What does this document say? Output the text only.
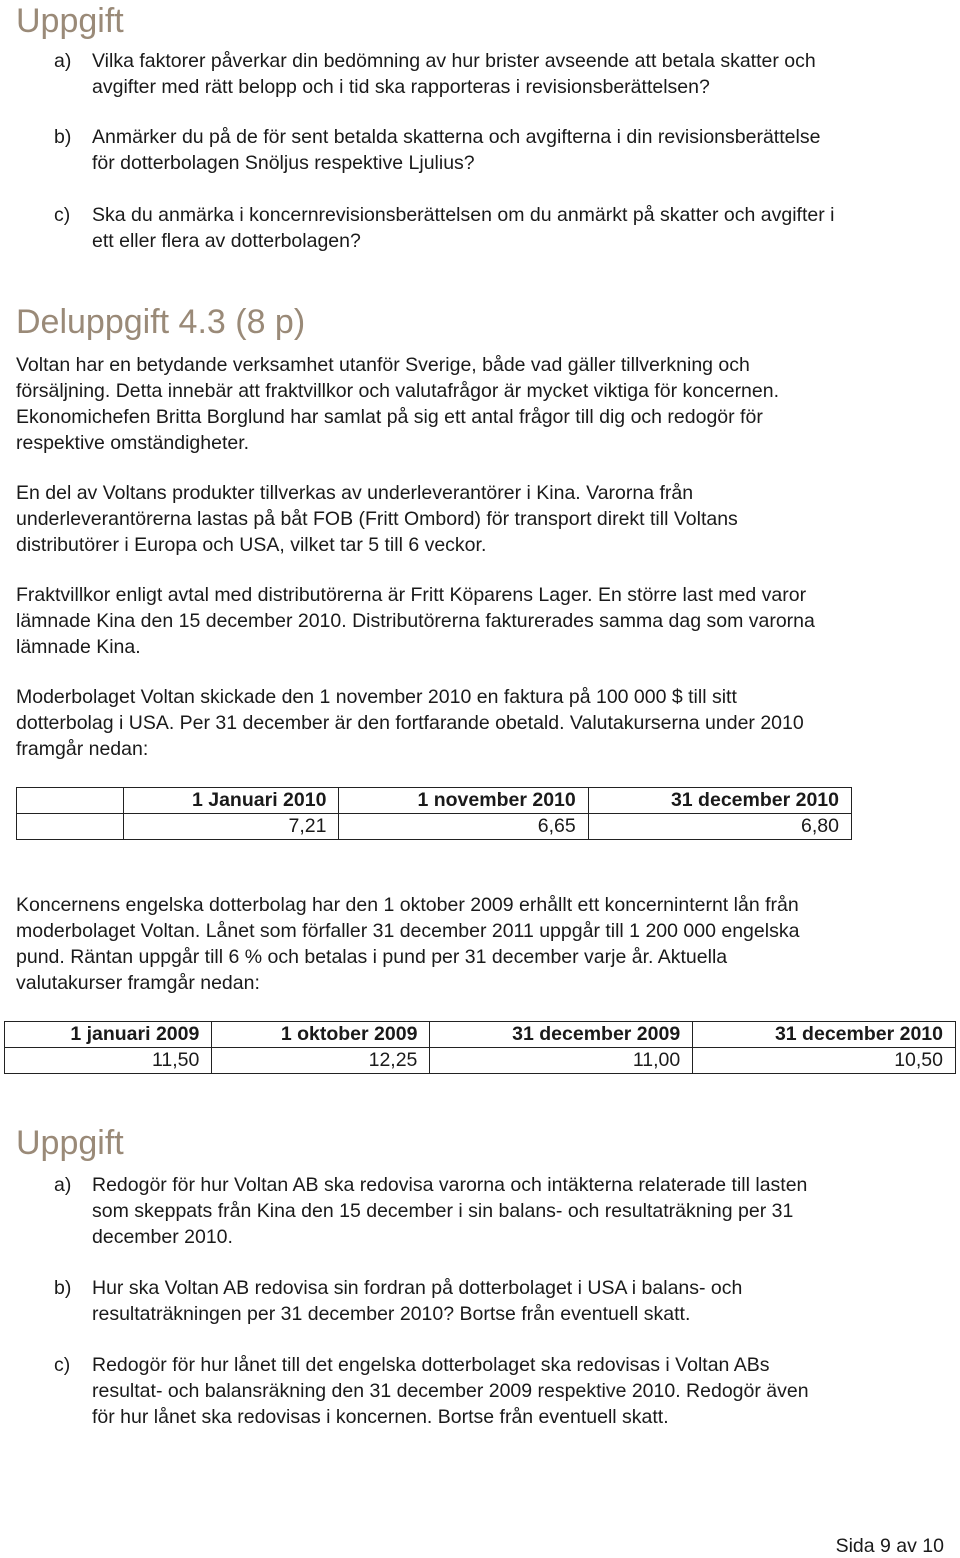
Uppgift
a) Vilka faktorer påverkar din bedömning av hur brister avseende att betala skatter och
avgifter med rätt belopp och i tid ska rapporteras i revisionsberättelsen?
b) Anmärker du på de för sent betalda skatterna och avgifterna i din revisionsberättelse
för dotterbolagen Snöljus respektive Ljulius?
c) Ska du anmärka i koncernrevisionsberättelsen om du anmärkt på skatter och avgifter i
ett eller flera av dotterbolagen?
Deluppgift 4.3 (8 p)
Voltan har en betydande verksamhet utanför Sverige, både vad gäller tillverkning och
försäljning. Detta innebär att fraktvillkor och valutafrågor är mycket viktiga för koncernen.
Ekonomichefen Britta Borglund har samlat på sig ett antal frågor till dig och redogör för
respektive omständigheter.
En del av Voltans produkter tillverkas av underleverantörer i Kina. Varorna från
underleverantörerna lastas på båt FOB (Fritt Ombord) för transport direkt till Voltans
distributörer i Europa och USA, vilket tar 5 till 6 veckor.
Fraktvillkor enligt avtal med distributörerna är Fritt Köparens Lager. En större last med varor
lämnade Kina den 15 december 2010. Distributörerna fakturerades samma dag som varorna
lämnade Kina.
Moderbolaget Voltan skickade den 1 november 2010 en faktura på 100 000 $ till sitt
dotterbolag i USA. Per 31 december är den fortfarande obetald. Valutakurserna under 2010
framgår nedan:
	1 Januari 2010	1 november 2010	31 december 2010
	7,21	6,65	6,80
Koncernens engelska dotterbolag har den 1 oktober 2009 erhållt ett koncerninternt lån från
moderbolaget Voltan. Lånet som förfaller 31 december 2011 uppgår till 1 200 000 engelska
pund. Räntan uppgår till 6 % och betalas i pund per 31 december varje år. Aktuella
valutakurser framgår nedan:
1 januari 2009	1 oktober 2009	31 december 2009	31 december 2010
11,50	12,25	11,00	10,50
Uppgift
a) Redogör för hur Voltan AB ska redovisa varorna och intäkterna relaterade till lasten
som skeppats från Kina den 15 december i sin balans- och resultaträkning per 31
december 2010.
b) Hur ska Voltan AB redovisa sin fordran på dotterbolaget i USA i balans- och
resultaträkningen per 31 december 2010? Bortse från eventuell skatt.
c) Redogör för hur lånet till det engelska dotterbolaget ska redovisas i Voltan ABs
resultat- och balansräkning den 31 december 2009 respektive 2010. Redogör även
för hur lånet ska redovisas i koncernen. Bortse från eventuell skatt.
Sida 9 av 10
